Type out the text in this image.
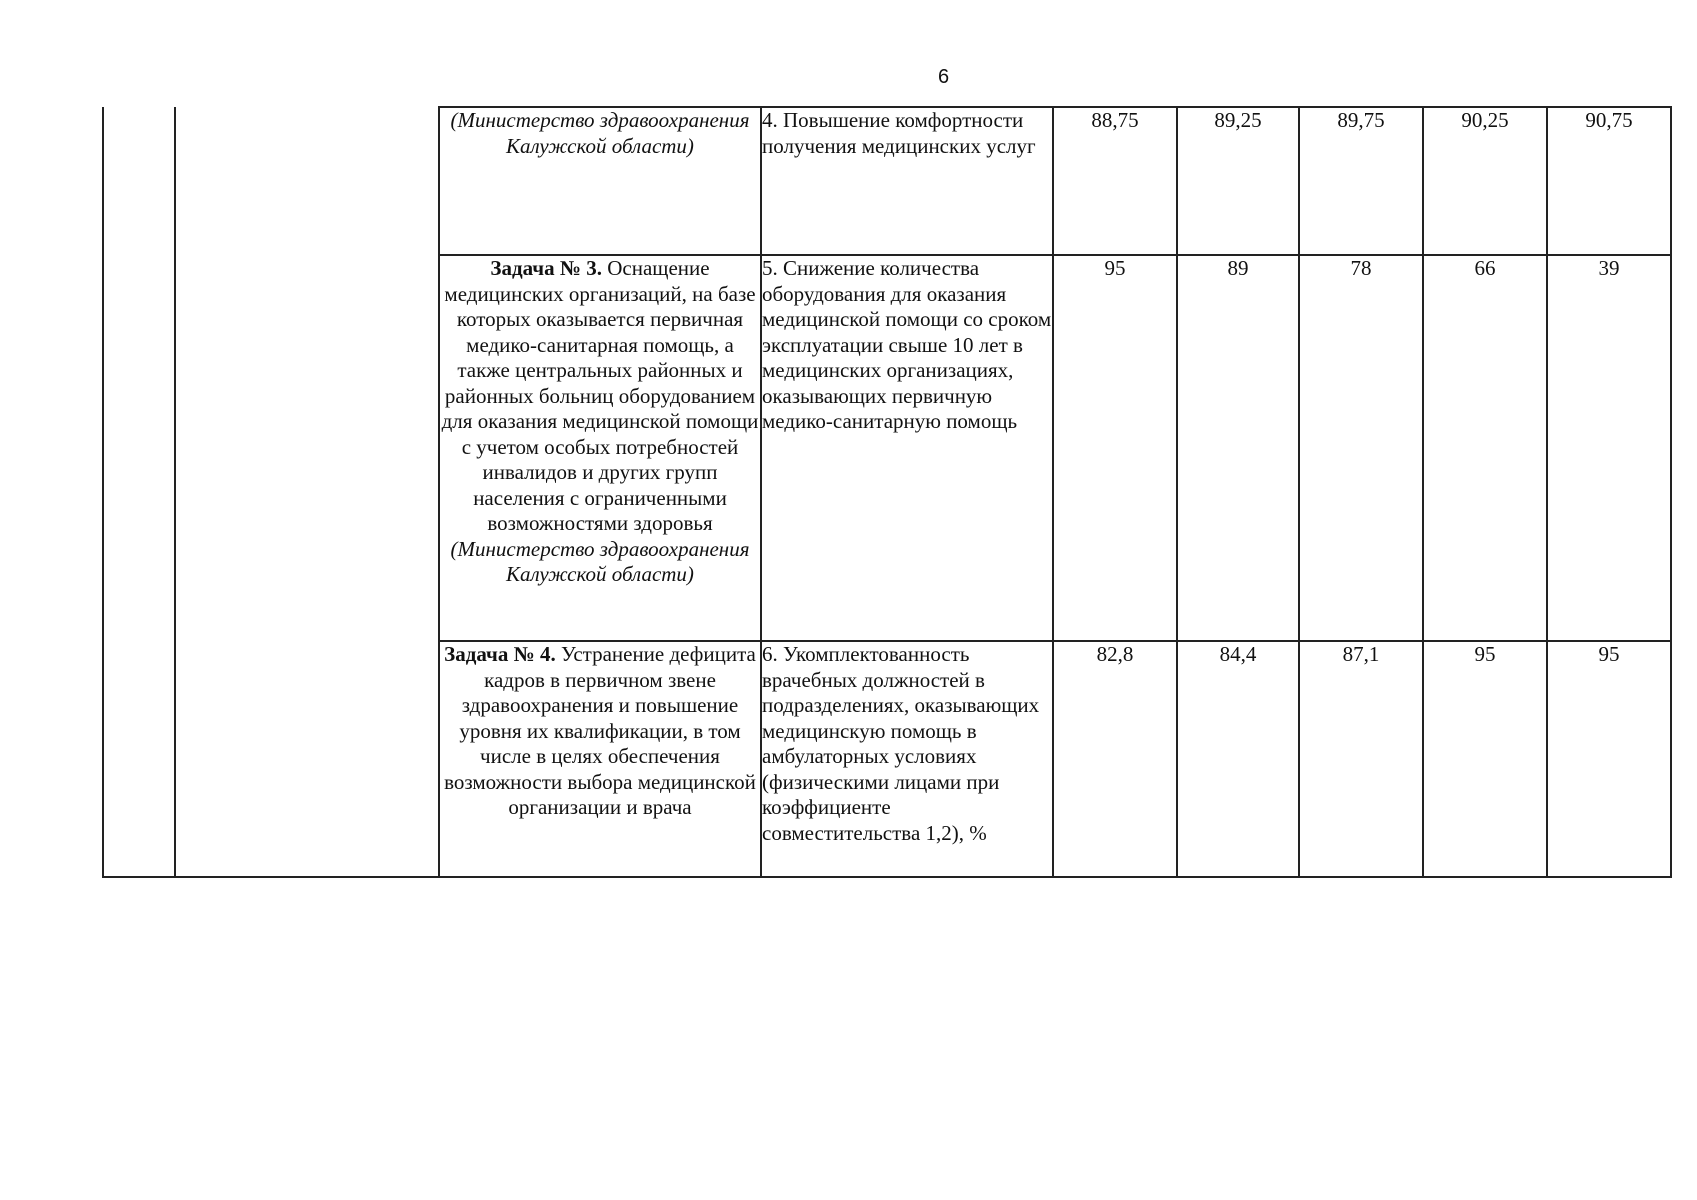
6
		(Министерство здравоохранения Калужской области)	4. Повышение комфортности получения медицинских услуг	88,75	89,25	89,75	90,25	90,75

		Задача № 3. Оснащение медицинских организаций, на базе которых оказывается первичная медико-санитарная помощь, а также центральных районных и районных больниц оборудованием для оказания медицинской помощи с учетом особых потребностей инвалидов и других групп населения с ограниченными возможностями здоровья (Министерство здравоохранения Калужской области)	5. Снижение количества оборудования для оказания медицинской помощи со сроком эксплуатации свыше 10 лет в медицинских организациях, оказывающих первичную медико-санитарную помощь	95	89	78	66	39

		Задача № 4. Устранение дефицита кадров в первичном звене здравоохранения и повышение уровня их квалификации, в том числе в целях обеспечения возможности выбора медицинской организации и врача	6. Укомплектованность врачебных должностей в подразделениях, оказывающих медицинскую помощь в амбулаторных условиях (физическими лицами при коэффициенте совместительства 1,2), %	82,8	84,4	87,1	95	95
